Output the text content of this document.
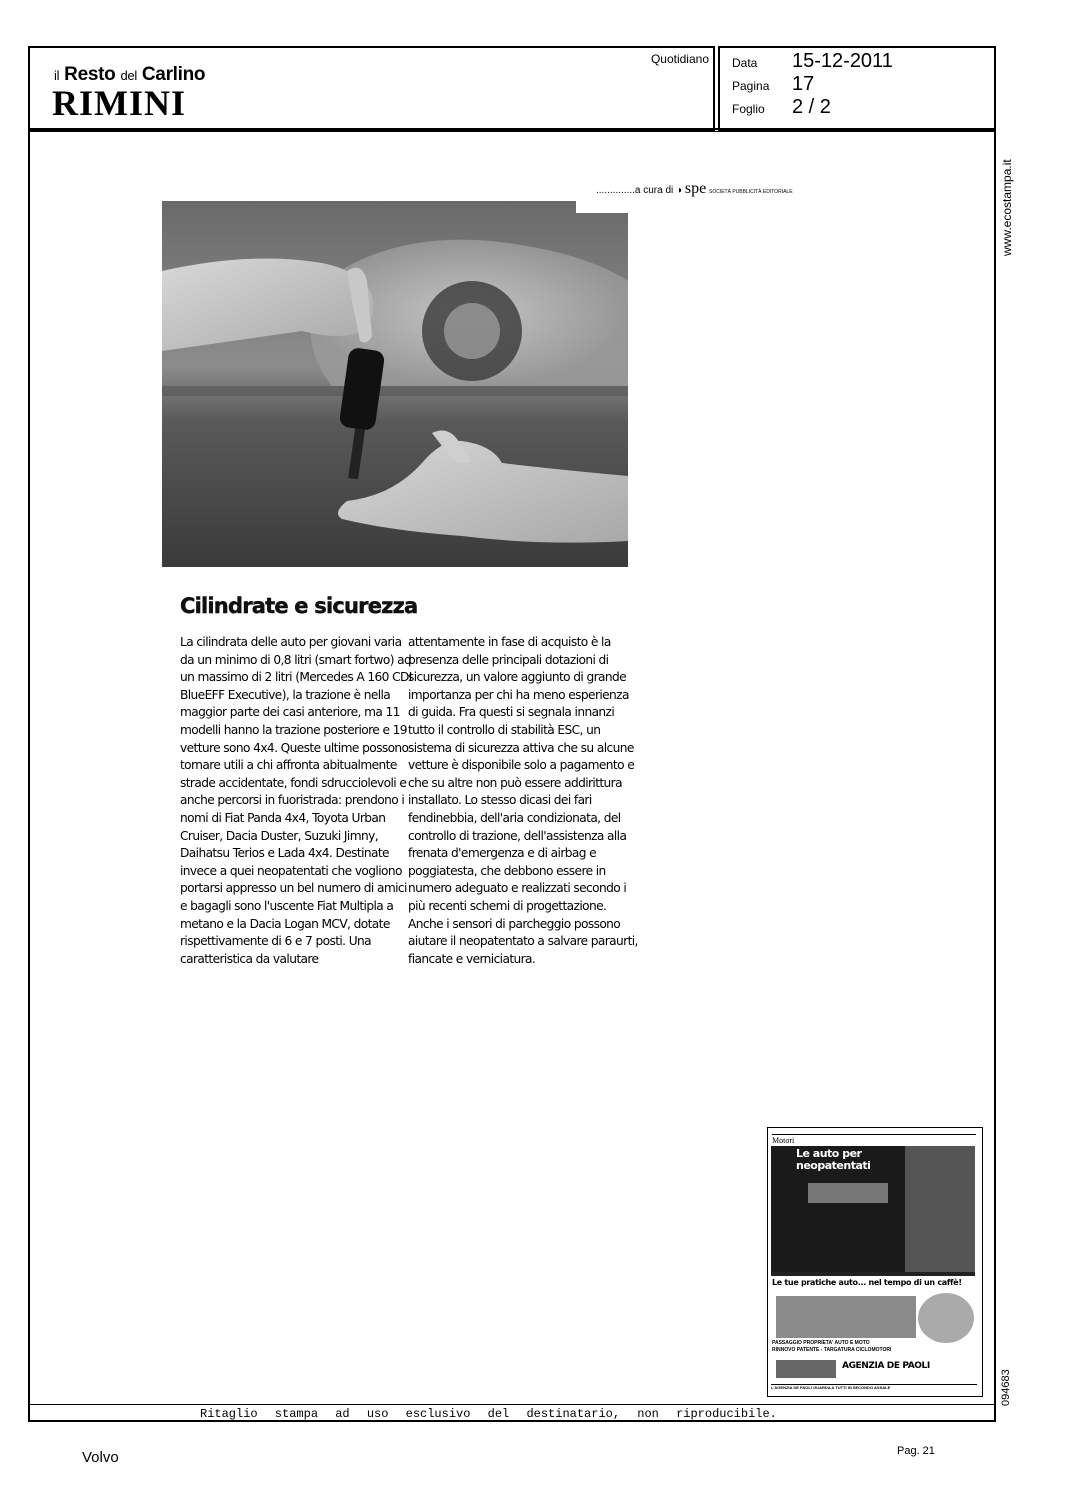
il Resto del Carlino
RIMINI
Quotidiano Data 15-12-2011
Pagina 17
Foglio 2 / 2
www.ecostampa.it
094683
..............a cura di ◑ spe SOCIETÀ PUBBLICITÀ EDITORIALE
Cilindrate e sicurezza

La cilindrata delle auto per giovani varia da un minimo di 0,8 litri (smart fortwo) ad un massimo di 2 litri (Mercedes A 160 CDI BlueEFF Executive), la trazione è nella maggior parte dei casi anteriore, ma 11 modelli hanno la trazione posteriore e 19 vetture sono 4x4. Queste ultime possono tornare utili a chi affronta abitualmente strade accidentate, fondi sdrucciolevoli e anche percorsi in fuoristrada: prendono i nomi di Fiat Panda 4x4, Toyota Urban Cruiser, Dacia Duster, Suzuki Jimny, Daihatsu Terios e Lada 4x4. Destinate invece a quei neopatentati che vogliono portarsi appresso un bel numero di amici e bagagli sono l'uscente Fiat Multipla a metano e la Dacia Logan MCV, dotate rispettivamente di 6 e 7 posti. Una caratteristica da valutare

attentamente in fase di acquisto è la presenza delle principali dotazioni di sicurezza, un valore aggiunto di grande importanza per chi ha meno esperienza di guida. Fra questi si segnala innanzi tutto il controllo di stabilità ESC, un sistema di sicurezza attiva che su alcune vetture è disponibile solo a pagamento e che su altre non può essere addirittura installato. Lo stesso dicasi dei fari fendinebbia, dell'aria condizionata, del controllo di trazione, dell'assistenza alla frenata d'emergenza e di airbag e poggiatesta, che debbono essere in numero adeguato e realizzati secondo i più recenti schemi di progettazione. Anche i sensori di parcheggio possono aiutare il neopatentato a salvare paraurti, fiancate e verniciatura.

Motori
Le auto per neopatentati
Le tue pratiche auto... nel tempo di un caffè!
PASSAGGIO PROPRIETA' AUTO E MOTO
RINNOVO PATENTE - TARGATURA CICLOMOTORI
AGENZIA DE PAOLI
L'AGENZIA DE PAOLI GUARDA A TUTTI IN SECONDO ASSALE
Ritaglio stampa ad uso esclusivo del destinatario, non riproducibile.
Volvo	Pag. 21
